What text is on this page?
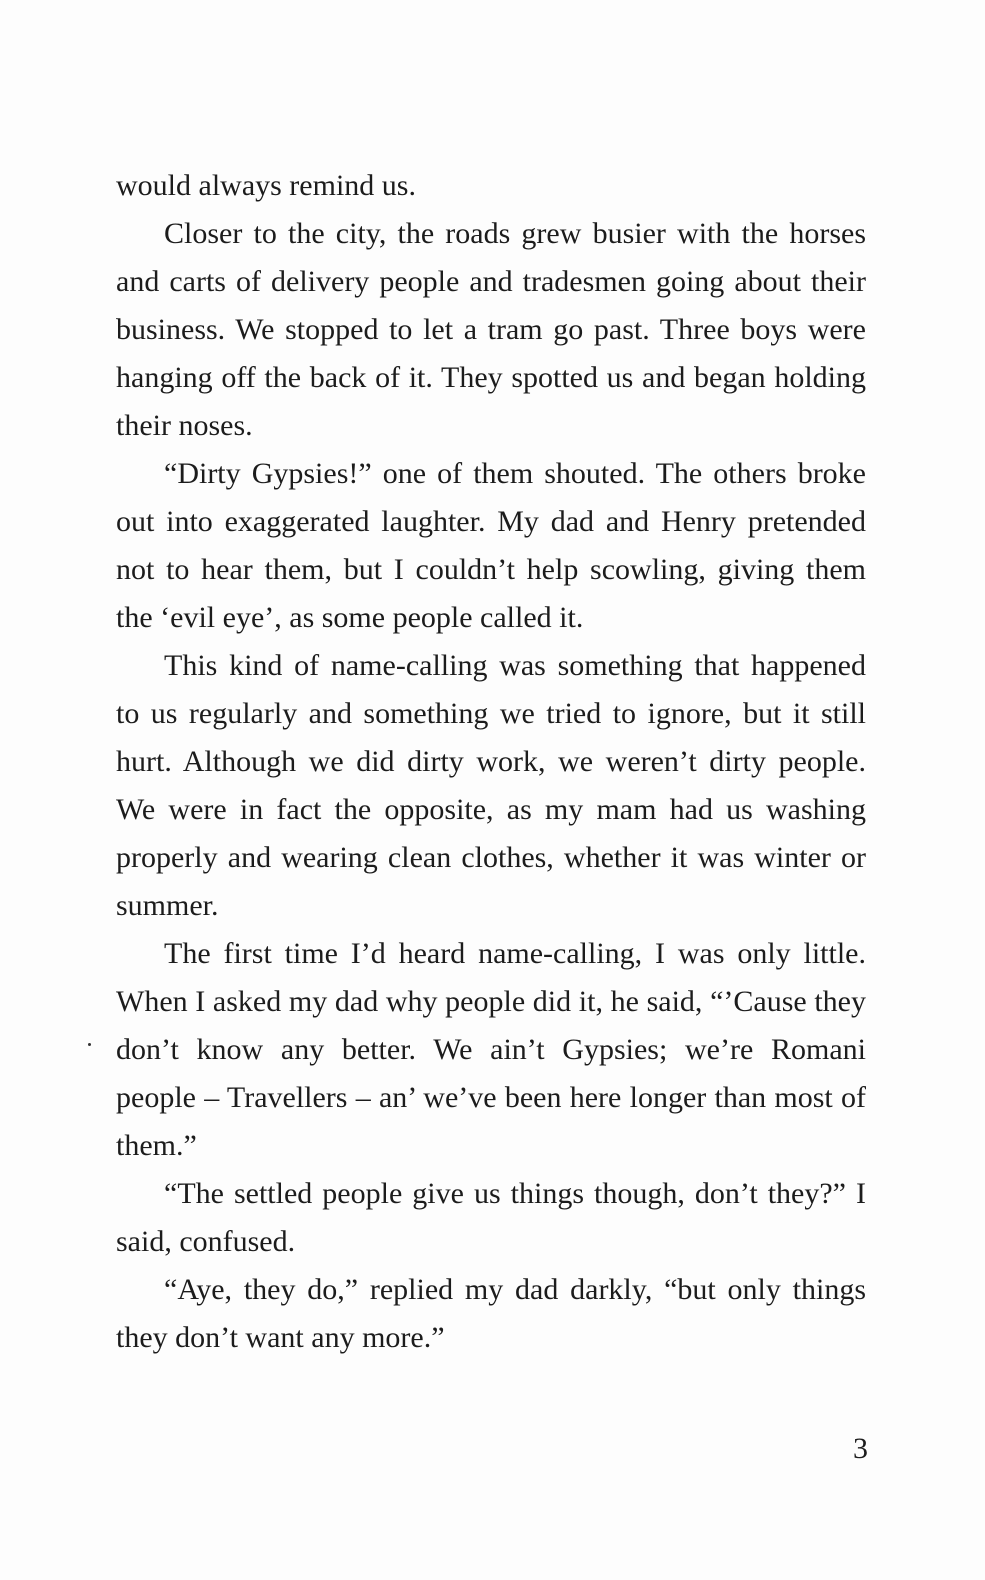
would always remind us.

Closer to the city, the roads grew busier with the horses and carts of delivery people and tradesmen going about their business. We stopped to let a tram go past. Three boys were hanging off the back of it. They spotted us and began holding their noses.

“Dirty Gypsies!” one of them shouted. The others broke out into exaggerated laughter. My dad and Henry pretended not to hear them, but I couldn’t help scowling, giving them the ‘evil eye’, as some people called it.

This kind of name-calling was something that happened to us regularly and something we tried to ignore, but it still hurt. Although we did dirty work, we weren’t dirty people. We were in fact the opposite, as my mam had us washing properly and wearing clean clothes, whether it was winter or summer.

The first time I’d heard name-calling, I was only little. When I asked my dad why people did it, he said, “’Cause they don’t know any better. We ain’t Gypsies; we’re Romani people – Travellers – an’ we’ve been here longer than most of them.”

“The settled people give us things though, don’t they?” I said, confused.

“Aye, they do,” replied my dad darkly, “but only things they don’t want any more.”

3
